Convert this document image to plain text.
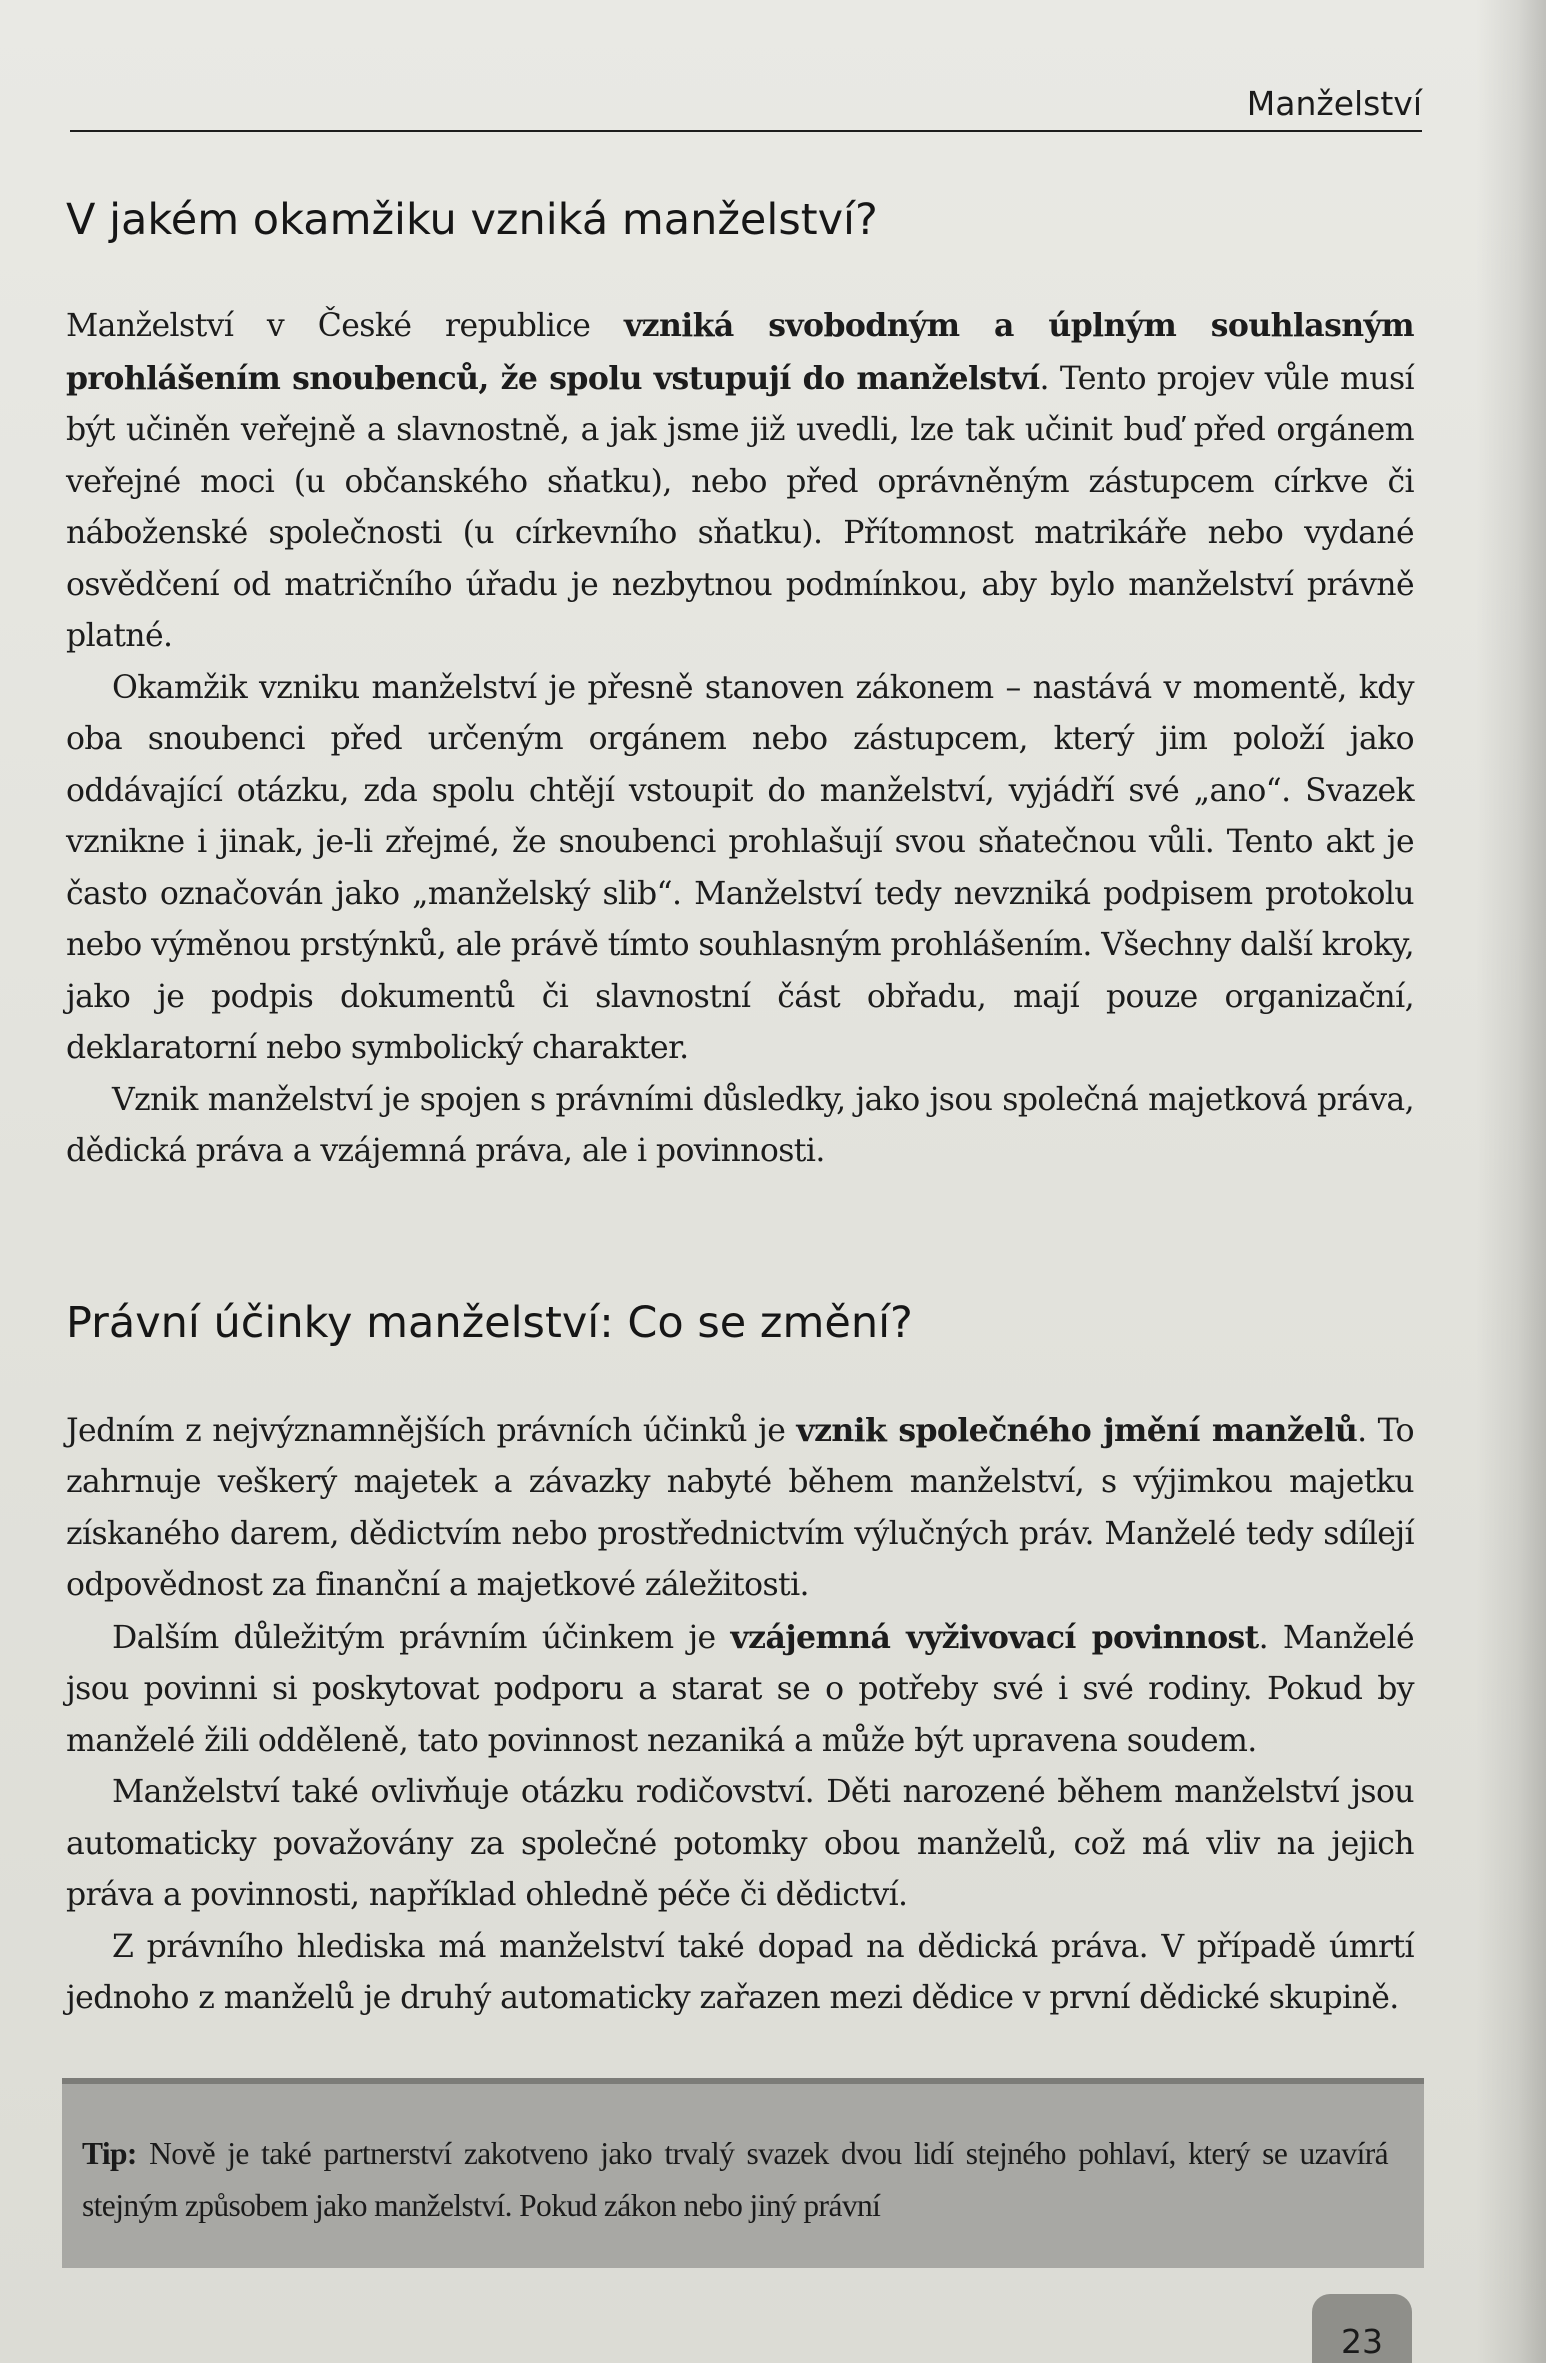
Manželství
V jakém okamžiku vzniká manželství?

Manželství v České republice vzniká svobodným a úplným souhlasným prohlášením snoubenců, že spolu vstupují do manželství. Tento projev vůle musí být učiněn veřejně a slavnostně, a jak jsme již uvedli, lze tak učinit buď před orgánem veřejné moci (u občanského sňatku), nebo před oprávněným zástupcem církve či náboženské společnosti (u církevního sňatku). Přítomnost matrikáře nebo vydané osvědčení od matričního úřadu je nezbytnou podmínkou, aby bylo manželství právně platné.

Okamžik vzniku manželství je přesně stanoven zákonem – nastává v momentě, kdy oba snoubenci před určeným orgánem nebo zástupcem, který jim položí jako oddávající otázku, zda spolu chtějí vstoupit do manželství, vyjádří své „ano“. Svazek vznikne i jinak, je-li zřejmé, že snoubenci prohlašují svou sňatečnou vůli. Tento akt je často označován jako „manželský slib“. Manželství tedy nevzniká podpisem protokolu nebo výměnou prstýnků, ale právě tímto souhlasným prohlášením. Všechny další kroky, jako je podpis dokumentů či slavnostní část obřadu, mají pouze organizační, deklaratorní nebo symbolický charakter.

Vznik manželství je spojen s právními důsledky, jako jsou společná majetková práva, dědická práva a vzájemná práva, ale i povinnosti.

Právní účinky manželství: Co se změní?

Jedním z nejvýznamnějších právních účinků je vznik společného jmění manželů. To zahrnuje veškerý majetek a závazky nabyté během manželství, s výjimkou majetku získaného darem, dědictvím nebo prostřednictvím výlučných práv. Manželé tedy sdílejí odpovědnost za finanční a majetkové záležitosti.

Dalším důležitým právním účinkem je vzájemná vyživovací povinnost. Manželé jsou povinni si poskytovat podporu a starat se o potřeby své i své rodiny. Pokud by manželé žili odděleně, tato povinnost nezaniká a může být upravena soudem.

Manželství také ovlivňuje otázku rodičovství. Děti narozené během manželství jsou automaticky považovány za společné potomky obou manželů, což má vliv na jejich práva a povinnosti, například ohledně péče či dědictví.

Z právního hlediska má manželství také dopad na dědická práva. V případě úmrtí jednoho z manželů je druhý automaticky zařazen mezi dědice v první dědické skupině.

Tip: Nově je také partnerství zakotveno jako trvalý svazek dvou lidí stejného pohlaví, který se uzavírá stejným způsobem jako manželství. Pokud zákon nebo jiný právní

23
